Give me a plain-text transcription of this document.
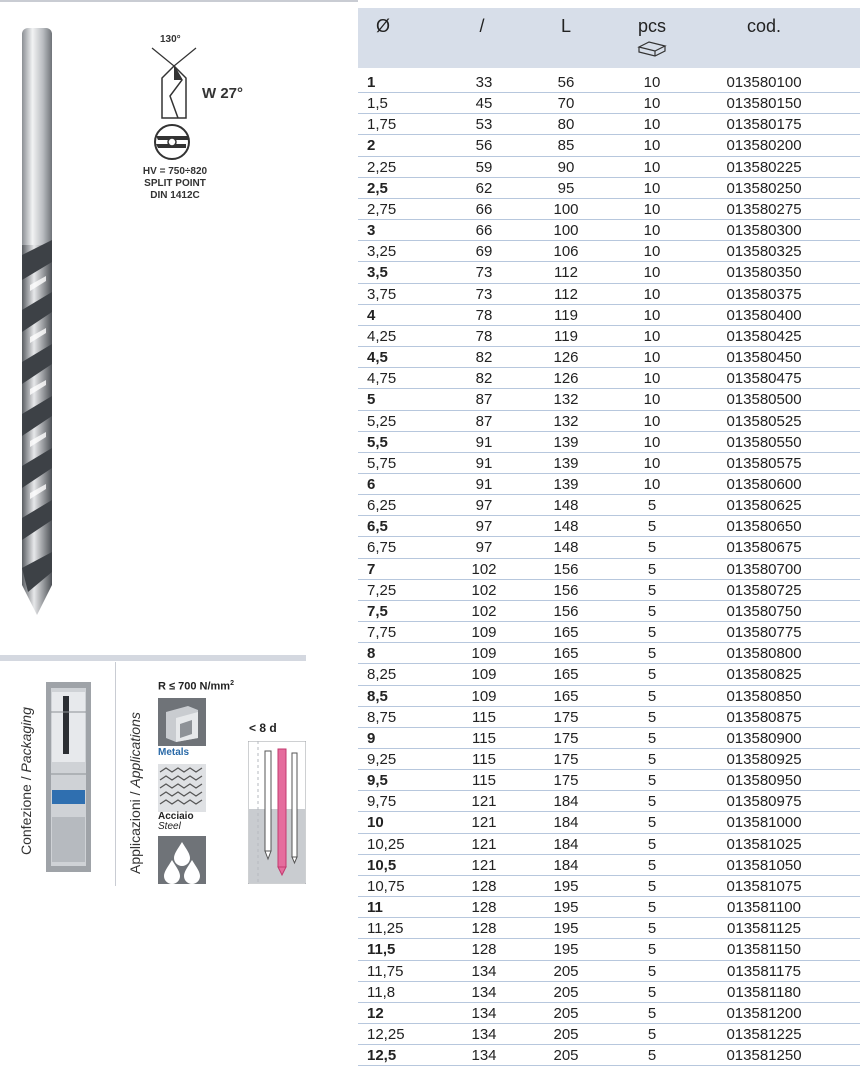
130°
W 27°
HV = 750÷820
SPLIT POINT
DIN 1412C
Confezione / Packaging
Applicazioni / Applications
R ≤ 700 $N/mm^2$
Metals
Acciaio
Steel
< 8 d
Ø	/	L	pcs	cod.
1	33	56	10	013580100
1,5	45	70	10	013580150
1,75	53	80	10	013580175
2	56	85	10	013580200
2,25	59	90	10	013580225
2,5	62	95	10	013580250
2,75	66	100	10	013580275
3	66	100	10	013580300
3,25	69	106	10	013580325
3,5	73	112	10	013580350
3,75	73	112	10	013580375
4	78	119	10	013580400
4,25	78	119	10	013580425
4,5	82	126	10	013580450
4,75	82	126	10	013580475
5	87	132	10	013580500
5,25	87	132	10	013580525
5,5	91	139	10	013580550
5,75	91	139	10	013580575
6	91	139	10	013580600
6,25	97	148	5	013580625
6,5	97	148	5	013580650
6,75	97	148	5	013580675
7	102	156	5	013580700
7,25	102	156	5	013580725
7,5	102	156	5	013580750
7,75	109	165	5	013580775
8	109	165	5	013580800
8,25	109	165	5	013580825
8,5	109	165	5	013580850
8,75	115	175	5	013580875
9	115	175	5	013580900
9,25	115	175	5	013580925
9,5	115	175	5	013580950
9,75	121	184	5	013580975
10	121	184	5	013581000
10,25	121	184	5	013581025
10,5	121	184	5	013581050
10,75	128	195	5	013581075
11	128	195	5	013581100
11,25	128	195	5	013581125
11,5	128	195	5	013581150
11,75	134	205	5	013581175
11,8	134	205	5	013581180
12	134	205	5	013581200
12,25	134	205	5	013581225
12,5	134	205	5	013581250
